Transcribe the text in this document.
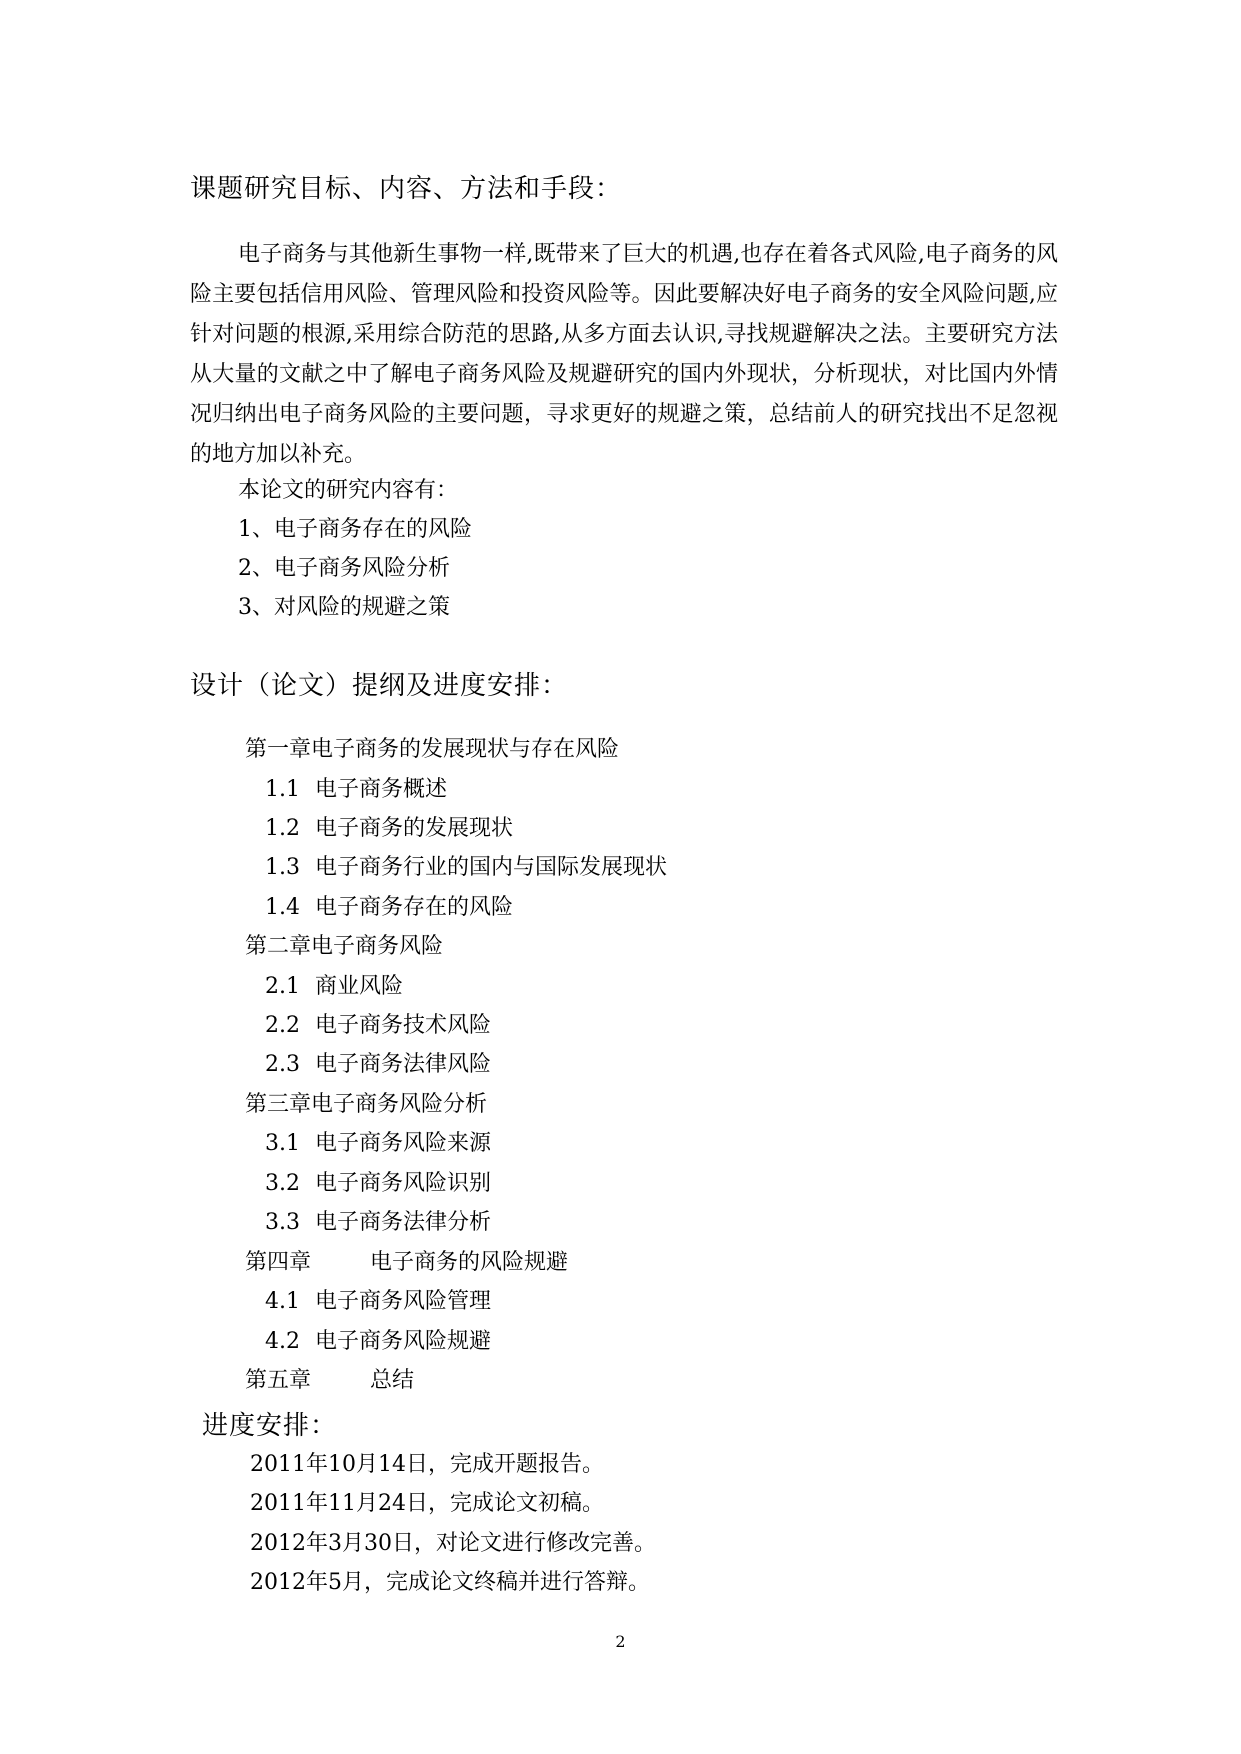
课题研究目标、内容、方法和手段：

电子商务与其他新生事物一样,既带来了巨大的机遇,也存在着各式风险,电子商务的风险主要包括信用风险、管理风险和投资风险等。因此要解决好电子商务的安全风险问题,应针对问题的根源,采用综合防范的思路,从多方面去认识,寻找规避解决之法。主要研究方法从大量的文献之中了解电子商务风险及规避研究的国内外现状，分析现状，对比国内外情况归纳出电子商务风险的主要问题，寻求更好的规避之策，总结前人的研究找出不足忽视的地方加以补充。

本论文的研究内容有：
1、电子商务存在的风险
2、电子商务风险分析
3、对风险的规避之策
设计（论文）提纲及进度安排：
第一章电子商务的发展现状与存在风险
1.1 电子商务概述
1.2 电子商务的发展现状
1.3 电子商务行业的国内与国际发展现状
1.4 电子商务存在的风险
第二章电子商务风险
2.1 商业风险
2.2 电子商务技术风险
2.3 电子商务法律风险
第三章电子商务风险分析
3.1 电子商务风险来源
3.2 电子商务风险识别
3.3 电子商务法律分析
第四章	电子商务的风险规避
4.1 电子商务风险管理
4.2 电子商务风险规避
第五章	总结
进度安排：
2011年10月14日，完成开题报告。
2011年11月24日，完成论文初稿。
2012年3月30日，对论文进行修改完善。
2012年5月，完成论文终稿并进行答辩。
2
